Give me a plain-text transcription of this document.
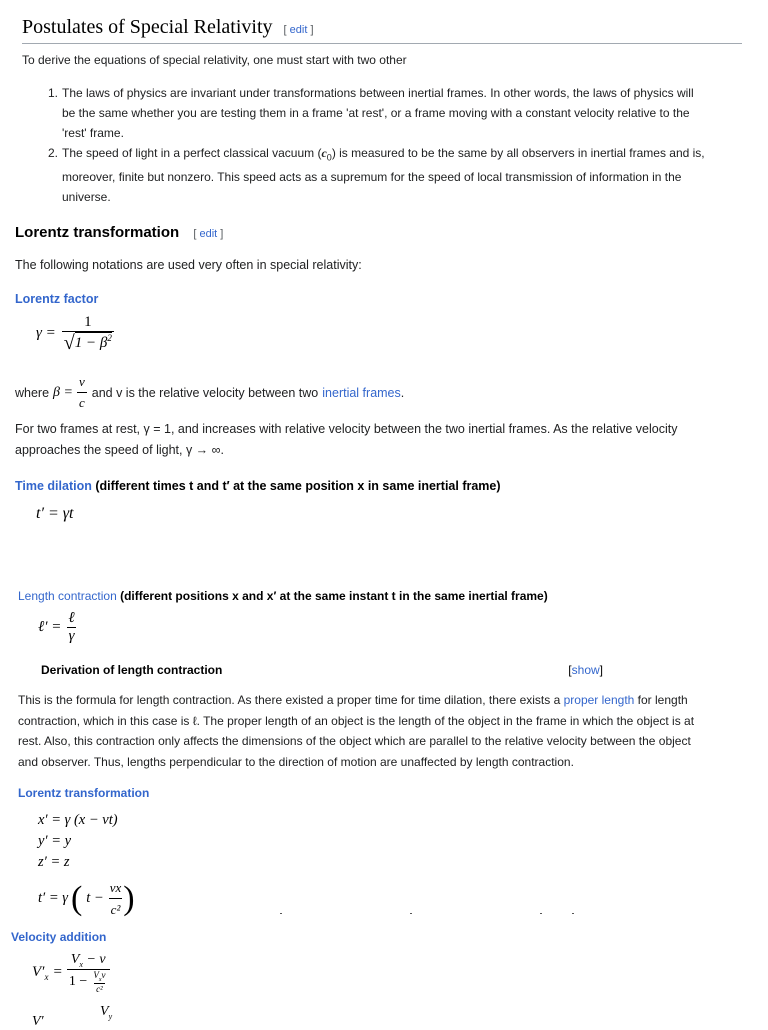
Postulates of Special Relativity [ edit ]
To derive the equations of special relativity, one must start with two other
1. The laws of physics are invariant under transformations between inertial frames. In other words, the laws of physics will
be the same whether you are testing them in a frame 'at rest', or a frame moving with a constant velocity relative to the
'rest' frame.
2. The speed of light in a perfect classical vacuum $(c_0)$ is measured to be the same by all observers in inertial frames and is,
moreover, finite but nonzero. This speed acts as a supremum for the speed of local transmission of information in the
universe.
Lorentz transformation [ edit ]
The following notations are used very often in special relativity:
Lorentz factor
$\gamma = \frac{1}{√ 1 - \beta^2}$
where $\beta = \frac{v}{c}$ and v is the relative velocity between two inertial frames .
For two frames at rest, γ = 1, and increases with relative velocity between the two inertial frames. As the relative velocity
approaches the speed of light, γ → ∞.
Time dilation (different times t and t′ at the same position x in same inertial frame)
t′ = γt
Length contraction (different positions x and x′ at the same instant t in the same inertial frame)
ℓ′ = $\frac{\text{ℓ}}{\gamma}$
Derivation of length contraction	[show]
This is the formula for length contraction. As there existed a proper time for time dilation, there exists a proper length for length
contraction, which in this case is ℓ. The proper length of an object is the length of the object in the frame in which the object is at
rest. Also, this contraction only affects the dimensions of the object which are parallel to the relative velocity between the object
and observer. Thus, lengths perpendicular to the direction of motion are unaffected by length contraction.
Lorentz transformation
x′ = γ (x − vt)
y′ = y
z′ = z
t′ = γ ( $t - \frac{vx}{\text{c²}}$ )
Velocity addition
$V'_x = \frac{V_x - v}{1 - \frac{V_xv}{\text{c²}}}$
$V_y$
V′
